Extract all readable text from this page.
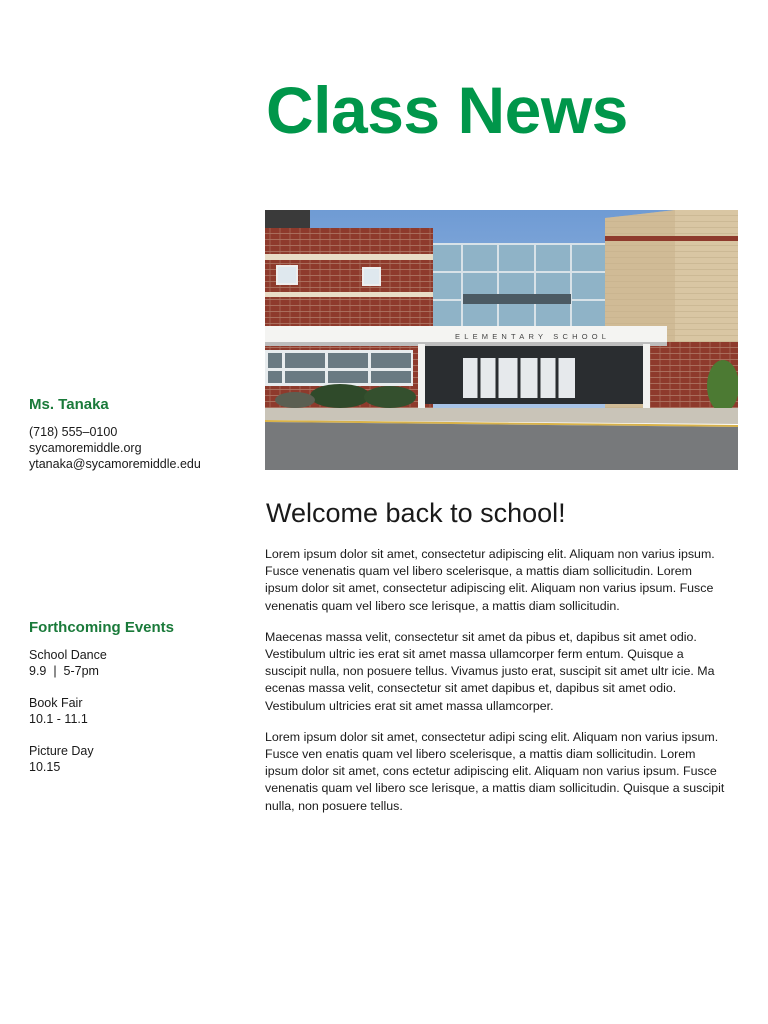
Class News
ELEMENTARY SCHOOL
Ms. Tanaka

(718) 555–0100

sycamoremiddle.org

ytanaka@sycamoremiddle.edu

Forthcoming Events

School Dance

9.9  |  5-7pm

Book Fair

10.1 - 11.1

Picture Day

10.15

Welcome back to school!

Lorem ipsum dolor sit amet, consectetur adipiscing elit. Aliquam non varius ipsum. Fusce venenatis quam vel libero scelerisque, a mattis diam sollicitudin. Lorem ipsum dolor sit amet, consectetur adipiscing elit. Aliquam non varius ipsum. Fusce venenatis quam vel libero sce lerisque, a mattis diam sollicitudin.

Maecenas massa velit, consectetur sit amet da pibus et, dapibus sit amet odio. Vestibulum ultric ies erat sit amet massa ullamcorper ferm entum. Quisque a suscipit nulla, non posuere tellus. Vivamus justo erat, suscipit sit amet ultr icie. Ma ecenas massa velit, consectetur sit amet dapibus et, dapibus sit amet odio. Vestibulum ultricies erat sit amet massa ullamcorper.

Lorem ipsum dolor sit amet, consectetur adipi scing elit. Aliquam non varius ipsum. Fusce ven enatis quam vel libero scelerisque, a mattis diam sollicitudin. Lorem ipsum dolor sit amet, cons ectetur adipiscing elit. Aliquam non varius ipsum. Fusce venenatis quam vel libero sce lerisque, a mattis diam sollicitudin. Quisque a suscipit nulla, non posuere tellus.
